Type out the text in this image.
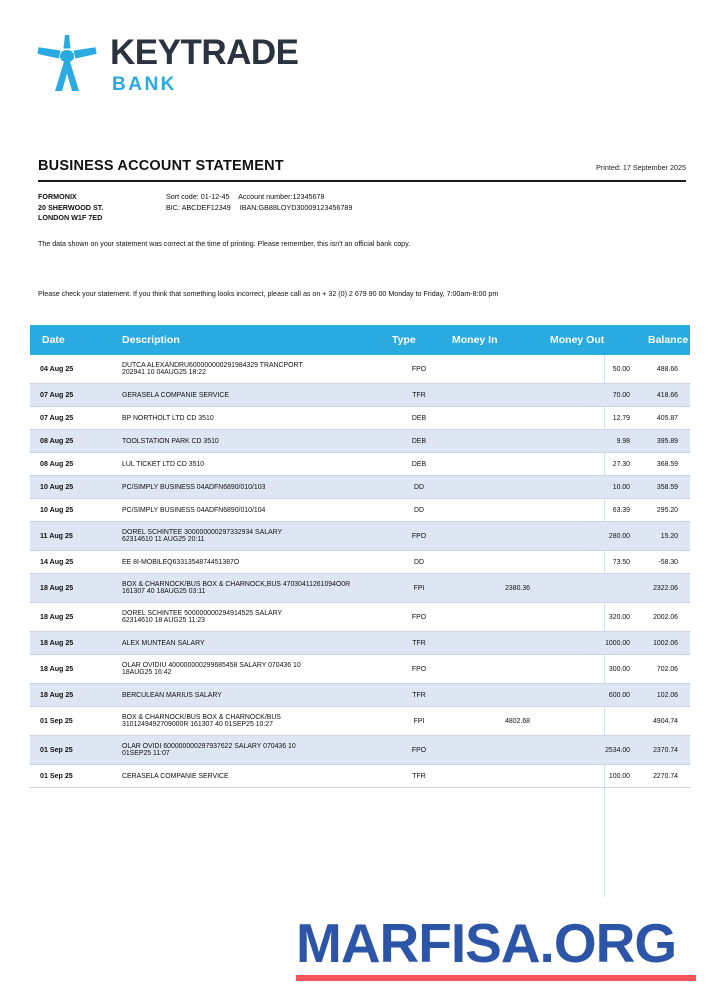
KEYTRADE
BANK
BUSINESS ACCOUNT STATEMENT	Printed: 17 September 2025
FORMONIX
20 SHERWOOD ST.
LONDON W1F 7ED
Sort code: 01-12-45 Account number:12345678
BIC: ABCDEF12349 IBAN:GB88LOYD30009123456789
The data shown on your statement was correct at the time of printing. Please remember, this isn't an official bank copy.
Please check your statement. If you think that something looks incorrect, please call as on + 32 (0) 2 679 90 00 Monday to Friday, 7:00am-8:00 pm
Date	Description	Type	Money In	Money Out	Balance
04 Aug 25	DUTCA ALEXANDRU600000000291984329 TRANCPORT
202941 10 04AUG25 18:22	FPO		50.00	488.66
07 Aug 25	GERASELA COMPANIE SERVICE	TFR		70.00	418.66
07 Aug 25	BP NORTHOLT LTD CD 3510	DEB		12.79	405.87
08 Aug 25	TOOLSTATION PARK CD 3510	DEB		9.98	395.89
08 Aug 25	LUL TICKET LTD CD 3510	DEB		27.30	368.59
10 Aug 25	PC/SIMPLY BUSINESS 04ADFN6890/010/103	DD		10.00	358.59
10 Aug 25	PC/SIMPLY BUSINESS 04ADFN6890/010/104	DD		63.39	295.20
11 Aug 25	DOREL SCHINTEE 300000000297332934 SALARY
62314610 11 AUG25 20:11	FPO		280.00	15.20
14 Aug 25	EE 8I-MOBILEQ6331354874451387O	DD		73.50	-58.30
18 Aug 25	BOX & CHARNOCK/BUS BOX & CHARNOCK,BUS 47030411261094O0R
161307 40 18AUG25 03:11	FPI	2380.36		2322.06
18 Aug 25	DOREL SCHINTEE 500000000294914525 SALARY
62314610 18 AUG25 11:23	FPO		320.00	2002.06
18 Aug 25	ALEX MUNTEAN SALARY	TFR		1000.00	1002.06
18 Aug 25	OLAR OVIDIU 400000000299685458 SALARY 070436 10
18AUG25 16:42	FPO		300.00	702.06
18 Aug 25	BERCULEAN MARIUS SALARY	TFR		600.00	102.06
01 Sep 25	BOX & CHARNOCK/BUS BOX & CHARNOCK/BUS
3101249492709000R 161307 40 01SEP25 10:27	FPI	4802.68		4904.74
01 Sep 25	OLAR OVIDI 600000000297937622 SALARY 070436 10
01SEP25 11:07	FPO		2534.00	2370.74
01 Sep 25	CERASELA COMPANIE SERVICE	TFR		100.00	2270.74
MARFISA.ORG
